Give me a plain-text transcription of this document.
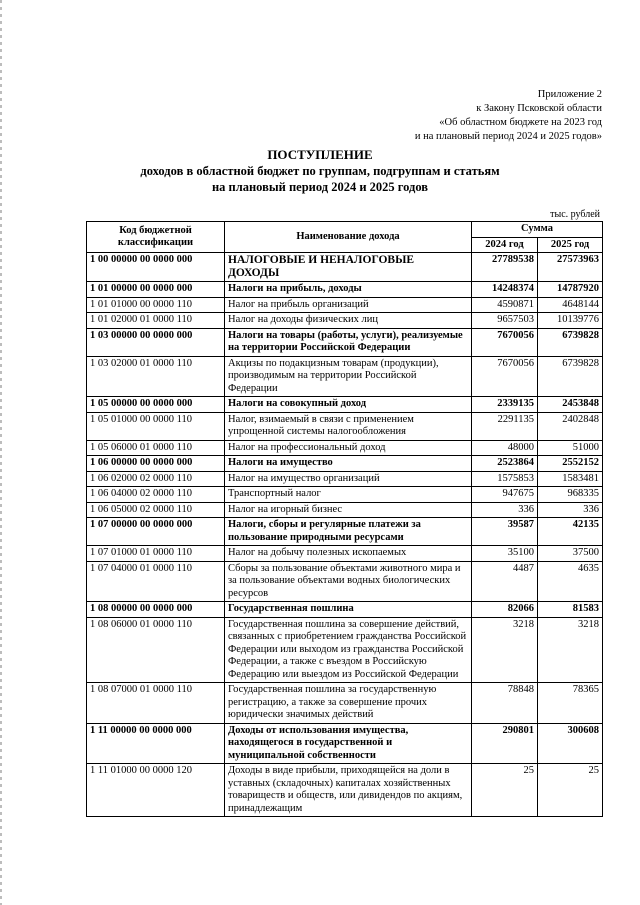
Приложение 2
к Закону Псковской области
«Об областном бюджете на 2023 год
и на плановый период 2024 и 2025 годов»
ПОСТУПЛЕНИЕ
доходов в областной бюджет по группам, подгруппам и статьям
на плановый период 2024 и 2025 годов
тыс. рублей
Код бюджетной классификации	Наименование дохода	Сумма	
		2024 год	2025 год
1 00 00000 00 0000 000	НАЛОГОВЫЕ И НЕНАЛОГОВЫЕ ДОХОДЫ	27789538	27573963
1 01 00000 00 0000 000	Налоги на прибыль, доходы	14248374	14787920
1 01 01000 00 0000 110	Налог на прибыль организаций	4590871	4648144
1 01 02000 01 0000 110	Налог на доходы физических лиц	9657503	10139776
1 03 00000 00 0000 000	Налоги на товары (работы, услуги), реализуемые на территории Российской Федерации	7670056	6739828
1 03 02000 01 0000 110	Акцизы по подакцизным товарам (продукции), производимым на территории Российской Федерации	7670056	6739828
1 05 00000 00 0000 000	Налоги на совокупный доход	2339135	2453848
1 05 01000 00 0000 110	Налог, взимаемый в связи с применением упрощенной системы налогообложения	2291135	2402848
1 05 06000 01 0000 110	Налог на профессиональный доход	48000	51000
1 06 00000 00 0000 000	Налоги на имущество	2523864	2552152
1 06 02000 02 0000 110	Налог на имущество организаций	1575853	1583481
1 06 04000 02 0000 110	Транспортный налог	947675	968335
1 06 05000 02 0000 110	Налог на игорный бизнес	336	336
1 07 00000 00 0000 000	Налоги, сборы и регулярные платежи за пользование природными ресурсами	39587	42135
1 07 01000 01 0000 110	Налог на добычу полезных ископаемых	35100	37500
1 07 04000 01 0000 110	Сборы за пользование объектами животного мира и за пользование объектами водных биологических ресурсов	4487	4635
1 08 00000 00 0000 000	Государственная пошлина	82066	81583
1 08 06000 01 0000 110	Государственная пошлина за совершение действий, связанных с приобретением гражданства Российской Федерации или выходом из гражданства Российской Федерации, а также с въездом в Российскую Федерацию или выездом из Российской Федерации	3218	3218
1 08 07000 01 0000 110	Государственная пошлина за государственную регистрацию, а также за совершение прочих юридически значимых действий	78848	78365
1 11 00000 00 0000 000	Доходы от использования имущества, находящегося в государственной и муниципальной собственности	290801	300608
1 11 01000 00 0000 120	Доходы в виде прибыли, приходящейся на доли в уставных (складочных) капиталах хозяйственных товариществ и обществ, или дивидендов по акциям, принадлежащим	25	25
